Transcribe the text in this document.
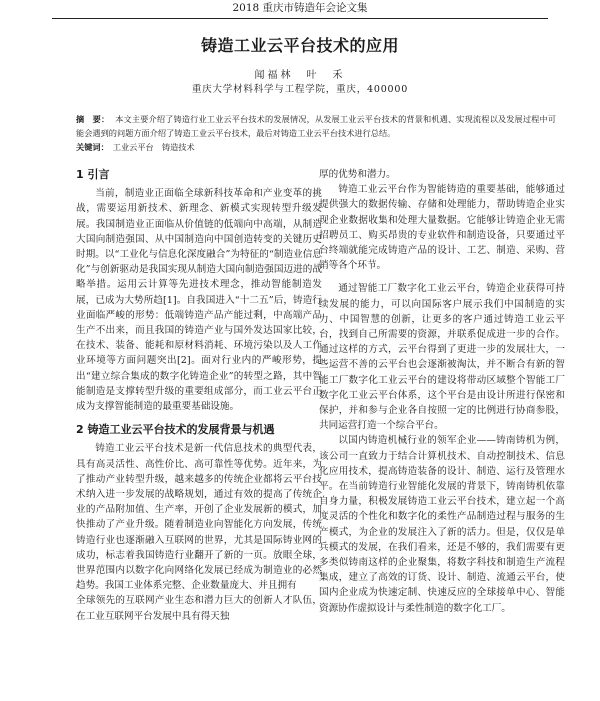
2018 重庆市铸造年会论文集
铸造工业云平台技术的应用
闻福林　叶　禾
重庆大学材料科学与工程学院，重庆，400000
摘　要： 本文主要介绍了铸造行业工业云平台技术的发展情况，从发展工业云平台技术的背景和机遇、实现流程以及发展过程中可能会遇到的问题方面介绍了铸造工业云平台技术，最后对铸造工业云平台技术进行总结。
关键词： 工业云平台　铸造技术
1 引言

当前，制造业正面临全球新科技革命和产业变革的挑战，需要运用新技术、新理念、新模式实现转型升级发展。我国制造业正面临从价值链的低端向中高端，从制造大国向制造强国、从中国制造向中国创造转变的关键历史时期。以“工业化与信息化深度融合”为特征的“制造业信息化”与创新驱动是我国实现从制造大国向制造强国迈进的战略举措。运用云计算等先进技术理念，推动智能制造发展，已成为大势所趋[1]。自我国进入“十二五”后，铸造行业面临严峻的形势：低端铸造产品产能过剩，中高端产品生产不出来，而且我国的铸造产业与国外发达国家比较，在技术、装备、能耗和原材料消耗、环境污染以及人工作业环境等方面问题突出[2]。面对行业内的严峻形势，提出“建立综合集成的数字化铸造企业”的转型之路，其中智能制造是支撑转型升级的重要组成部分，而工业云平台正成为支撑智能制造的最重要基础设施。

2 铸造工业云平台技术的发展背景与机遇

铸造工业云平台技术是新一代信息技术的典型代表，具有高灵活性、高性价比、高可靠性等优势。近年来，为了推动产业转型升级，越来越多的传统企业都将云平台技术纳入进一步发展的战略规划，通过有效的提高了传统企业的产品附加值、生产率，开创了企业发展新的模式，加快推动了产业升级。随着制造业向智能化方向发展，传统铸造行业也逐渐融入互联网的世界，尤其是国际铸业网的成功，标志着我国铸造行业翻开了新的一页。放眼全球，世界范围内以数字化向网络化发展已经成为制造业的必然趋势。我国工业体系完整、企业数量庞大、并且拥有

全球领先的互联网产业生态和潜力巨大的创新人才队伍，在工业互联网平台发展中具有得天独

厚的优势和潜力。

铸造工业云平台作为智能铸造的重要基础，能够通过提供强大的数据传输、存储和处理能力，帮助铸造企业实现企业数据收集和处理大量数据。它能够让铸造企业无需招聘员工、购买昂贵的专业软件和制造设备，只要通过平台终端就能完成铸造产品的设计、工艺、制造、采购、营销等各个环节。

通过智能工厂数字化工业云平台，铸造企业获得可持续发展的能力，可以向国际客户展示我们中国制造的实力、中国智慧的创新，让更多的客户通过铸造工业云平台，找到自己所需要的资源，并联系促成进一步的合作。通过这样的方式，云平台得到了更进一步的发展壮大，一些运营不善的云平台也会逐渐被淘汰，并不断合有新的智能工厂数字化工业云平台的建设将带动区域整个智能工厂数字化工业云平台体系，这个平台是由设计所进行保密和保护，并和参与企业各自按照一定的比例进行协商参股，共同运营打造一个综合平台。

以国内铸造机械行业的领军企业——铸南铸机为例，该公司一直致力于结合计算机技术、自动控制技术、信息化应用技术，提高铸造装备的设计、制造、运行及管理水平。在当前铸造行业智能化发展的背景下，铸南铸机依靠自身力量，积极发展铸造工业云平台技术，建立起一个高度灵活的个性化和数字化的柔性产品制造过程与服务的生产模式，为企业的发展注入了新的活力。但是，仅仅是单兵模式的发展，在我们看来，还是不够的，我们需要有更多类似铸南这样的企业聚集，将数字科技和制造生产流程集成，建立了高效的订货、设计、制造、流通云平台，使国内企业成为快速定制、快速反应的全球接单中心、智能资源协作虚拟设计与柔性制造的数字化工厂。
